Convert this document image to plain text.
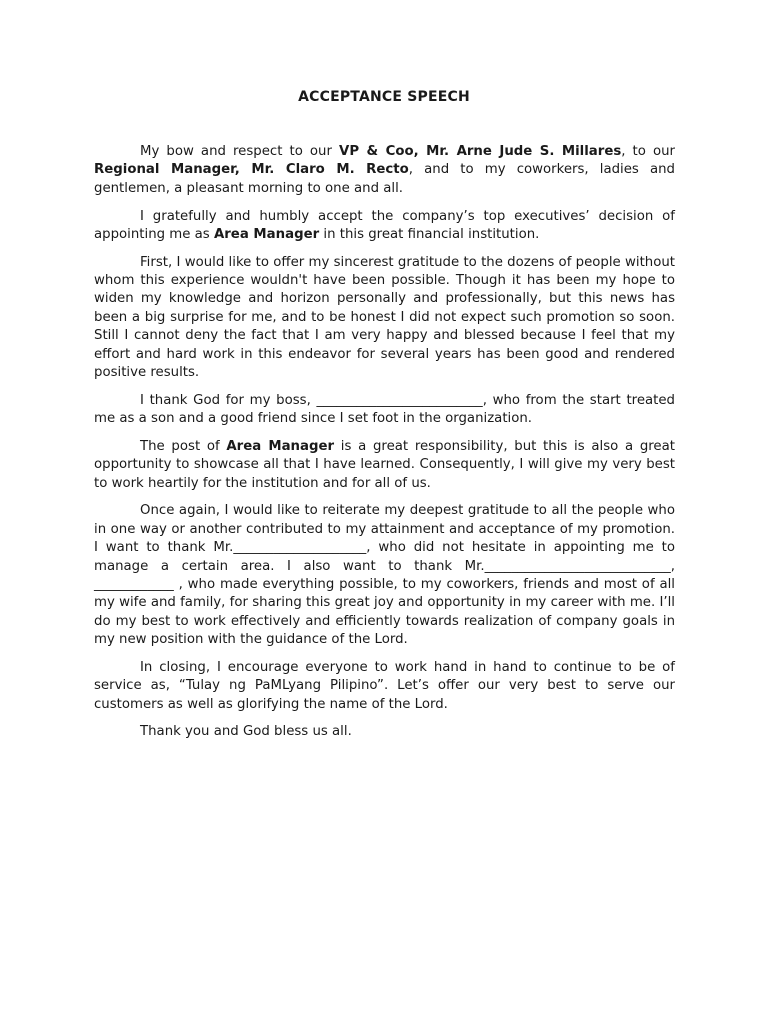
ACCEPTANCE SPEECH

My bow and respect to our VP & Coo, Mr. Arne Jude S. Millares, to our Regional Manager, Mr. Claro M. Recto, and to my coworkers, ladies and gentlemen, a pleasant morning to one and all.

I gratefully and humbly accept the company’s top executives’ decision of appointing me as Area Manager in this great financial institution.

First, I would like to offer my sincerest gratitude to the dozens of people without whom this experience wouldn't have been possible. Though it has been my hope to widen my knowledge and horizon personally and professionally, but this news has been a big surprise for me, and to be honest I did not expect such promotion so soon. Still I cannot deny the fact that I am very happy and blessed because I feel that my effort and hard work in this endeavor for several years has been good and rendered positive results.

I thank God for my boss, _________________________, who from the start treated me as a son and a good friend since I set foot in the organization.

The post of Area Manager is a great responsibility, but this is also a great opportunity to showcase all that I have learned. Consequently, I will give my very best to work heartily for the institution and for all of us.

Once again, I would like to reiterate my deepest gratitude to all the people who in one way or another contributed to my attainment and acceptance of my promotion. I want to thank Mr.____________________, who did not hesitate in appointing me to manage a certain area. I also want to thank Mr.____________________________, ____________ , who made everything possible, to my coworkers, friends and most of all my wife and family, for sharing this great joy and opportunity in my career with me. I’ll do my best to work effectively and efficiently towards realization of company goals in my new position with the guidance of the Lord.

In closing, I encourage everyone to work hand in hand to continue to be of service as, “Tulay ng PaMLyang Pilipino”. Let’s offer our very best to serve our customers as well as glorifying the name of the Lord.

Thank you and God bless us all.
